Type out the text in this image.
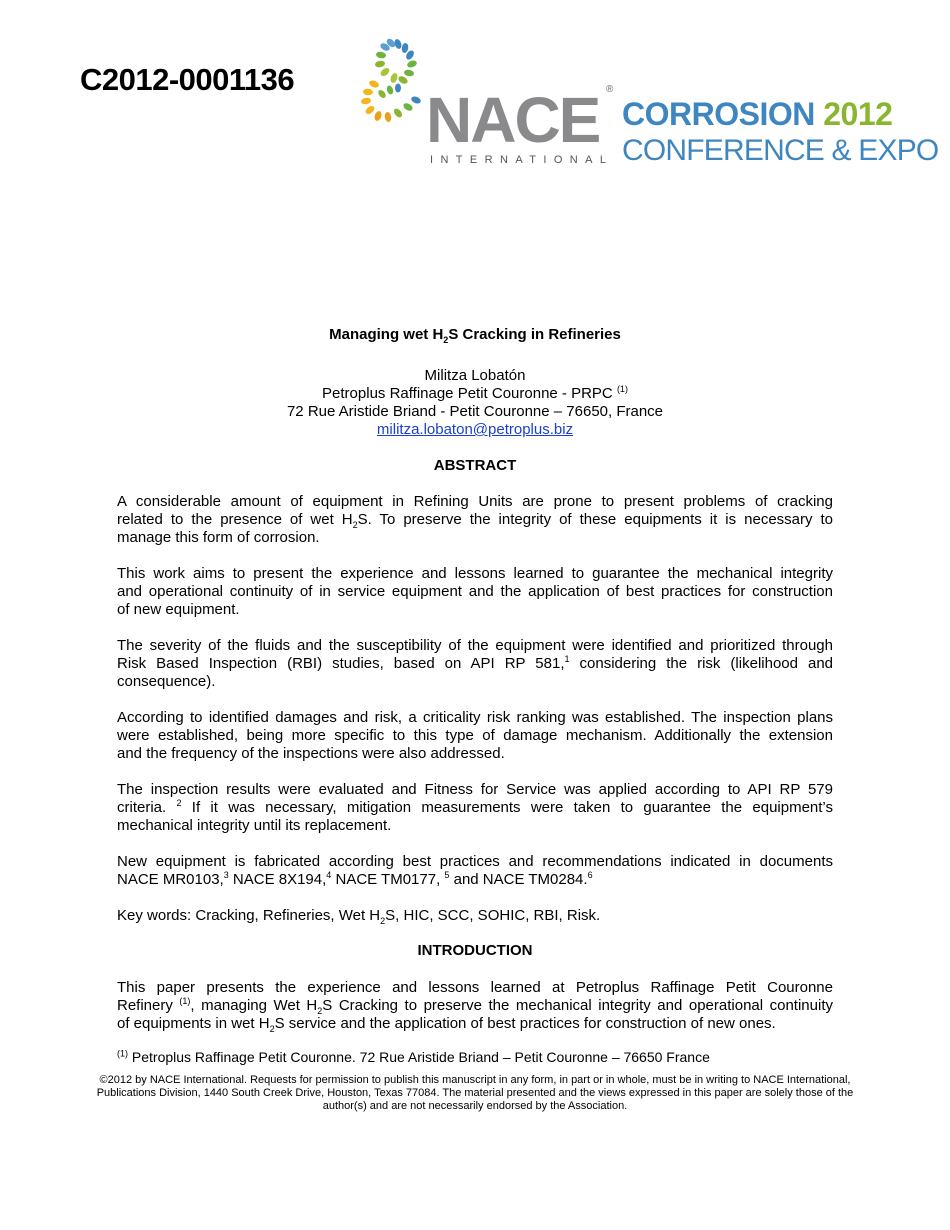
C2012-0001136
NACE ®
INTERNATIONAL
CORROSION 2012
CONFERENCE & EXPO
Managing wet $H_2S$ Cracking in Refineries
Militza Lobatón
Petroplus Raffinage Petit Couronne - PRPC $^{(1)}$
72 Rue Aristide Briand - Petit Couronne – 76650, France
militza.lobaton@petroplus.biz
ABSTRACT
A considerable amount of equipment in Refining Units are prone to present problems of cracking
related to the presence of wet $H_2S$. To preserve the integrity of these equipments it is necessary to
manage this form of corrosion.
This work aims to present the experience and lessons learned to guarantee the mechanical integrity
and operational continuity of in service equipment and the application of best practices for construction
of new equipment.
The severity of the fluids and the susceptibility of the equipment were identified and prioritized through
Risk Based Inspection (RBI) studies, based on API RP 581,$^1$ considering the risk (likelihood and
consequence).
According to identified damages and risk, a criticality risk ranking was established. The inspection plans
were established, being more specific to this type of damage mechanism. Additionally the extension
and the frequency of the inspections were also addressed.
The inspection results were evaluated and Fitness for Service was applied according to API RP 579
criteria. $^2$ If it was necessary, mitigation measurements were taken to guarantee the equipment’s
mechanical integrity until its replacement.
New equipment is fabricated according best practices and recommendations indicated in documents
NACE MR0103,$^3$ NACE 8X194,$^4$ NACE TM0177, $^5$ and NACE TM0284.$^6$
Key words: Cracking, Refineries, Wet $H_2S$, HIC, SCC, SOHIC, RBI, Risk.
INTRODUCTION
This paper presents the experience and lessons learned at Petroplus Raffinage Petit Couronne
Refinery $^{(1)}$, managing Wet $H_2S$ Cracking to preserve the mechanical integrity and operational continuity
of equipments in wet $H_2S$ service and the application of best practices for construction of new ones.
$^{(1)}$ Petroplus Raffinage Petit Couronne. 72 Rue Aristide Briand – Petit Couronne – 76650 France
©2012 by NACE International. Requests for permission to publish this manuscript in any form, in part or in whole, must be in writing to NACE International,
Publications Division, 1440 South Creek Drive, Houston, Texas 77084. The material presented and the views expressed in this paper are solely those of the
author(s) and are not necessarily endorsed by the Association.
